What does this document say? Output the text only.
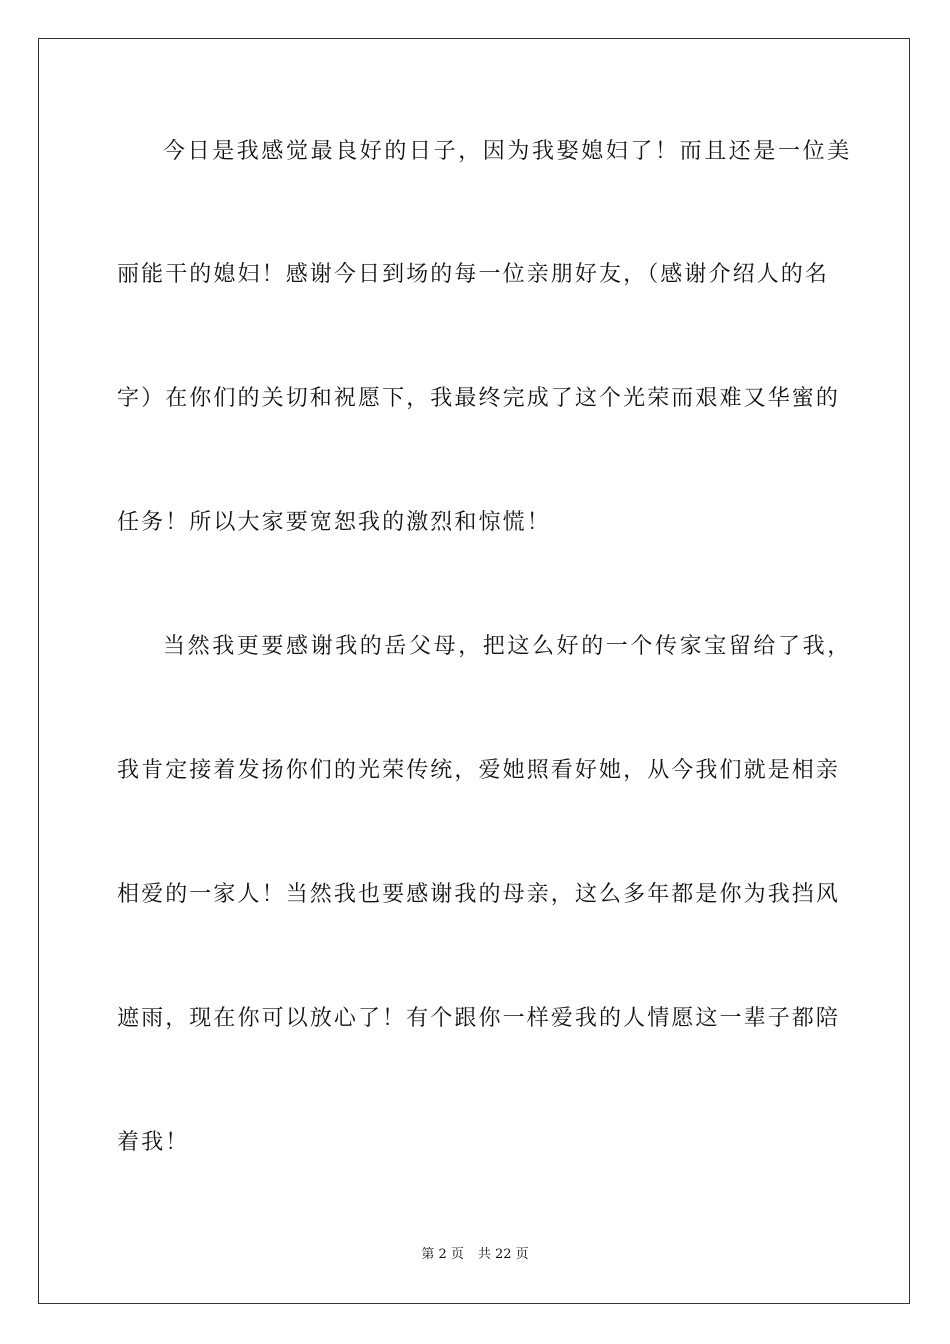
今日是我感觉最良好的日子，因为我娶媳妇了！而且还是一位美
丽能干的媳妇！感谢今日到场的每一位亲朋好友，（感谢介绍人的名
字）在你们的关切和祝愿下，我最终完成了这个光荣而艰难又华蜜的
任务！所以大家要宽恕我的激烈和惊慌！
当然我更要感谢我的岳父母，把这么好的一个传家宝留给了我，
我肯定接着发扬你们的光荣传统，爱她照看好她，从今我们就是相亲
相爱的一家人！当然我也要感谢我的母亲，这么多年都是你为我挡风
遮雨，现在你可以放心了！有个跟你一样爱我的人情愿这一辈子都陪
着我！
第 2 页 共 22 页
